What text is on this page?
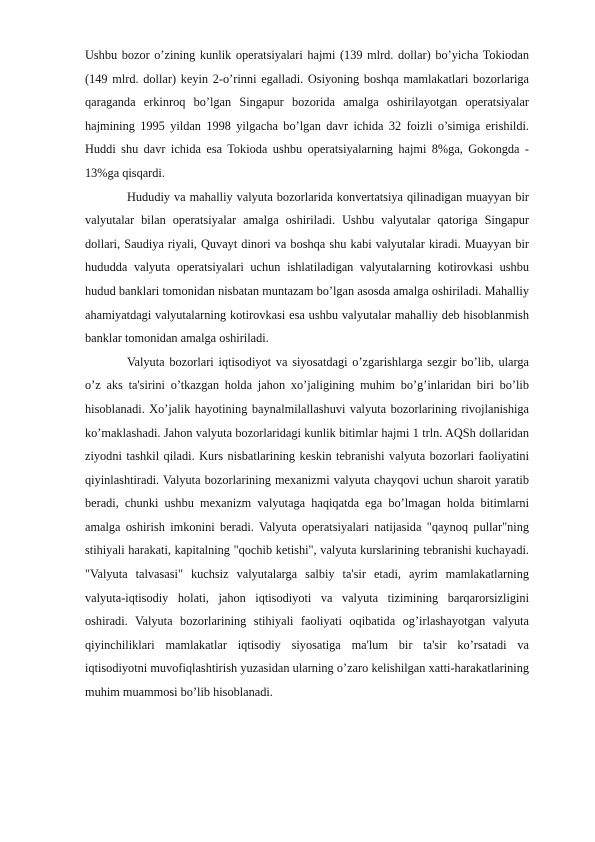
Ushbu bozor o’zining kunlik operatsiyalari hajmi (139 mlrd. dollar) bo’yicha Tokiodan (149 mlrd. dollar) keyin 2-o’rinni egalladi. Osiyoning boshqa mamlakatlari bozorlariga qaraganda erkinroq bo’lgan Singapur bozorida amalga oshirilayotgan operatsiyalar hajmining 1995 yildan 1998 yilgacha bo’lgan davr ichida 32 foizli o’simiga erishildi. Huddi shu davr ichida esa Tokioda ushbu operatsiyalarning hajmi 8%ga, Gokongda - 13%ga qisqardi.

Hududiy va mahalliy valyuta bozorlarida konvertatsiya qilinadigan muayyan bir valyutalar bilan operatsiyalar amalga oshiriladi. Ushbu valyutalar qatoriga Singapur dollari, Saudiya riyali, Quvayt dinori va boshqa shu kabi valyutalar kiradi. Muayyan bir hududda valyuta operatsiyalari uchun ishlatiladigan valyutalarning kotirovkasi ushbu hudud banklari tomonidan nisbatan muntazam bo’lgan asosda amalga oshiriladi. Mahalliy ahamiyatdagi valyutalarning kotirovkasi esa ushbu valyutalar mahalliy deb hisoblanmish banklar tomonidan amalga oshiriladi.

Valyuta bozorlari iqtisodiyot va siyosatdagi o’zgarishlarga sezgir bo’lib, ularga o’z aks ta'sirini o’tkazgan holda jahon xo’jaligining muhim bo’g’inlaridan biri bo’lib hisoblanadi. Xo’jalik hayotining baynalmilallashuvi valyuta bozorlarining rivojlanishiga ko’maklashadi. Jahon valyuta bozorlaridagi kunlik bitimlar hajmi 1 trln. AQSh dollaridan ziyodni tashkil qiladi. Kurs nisbatlarining keskin tebranishi valyuta bozorlari faoliyatini qiyinlashtiradi. Valyuta bozorlarining mexanizmi valyuta chayqovi uchun sharoit yaratib beradi, chunki ushbu mexanizm valyutaga haqiqatda ega bo’lmagan holda bitimlarni amalga oshirish imkonini beradi. Valyuta operatsiyalari natijasida "qaynoq pullar"ning stihiyali harakati, kapitalning "qochib ketishi", valyuta kurslarining tebranishi kuchayadi. "Valyuta talvasasi" kuchsiz valyutalarga salbiy ta'sir etadi, ayrim mamlakatlarning valyuta-iqtisodiy holati, jahon iqtisodiyoti va valyuta tizimining barqarorsizligini oshiradi. Valyuta bozorlarining stihiyali faoliyati oqibatida og’irlashayotgan valyuta qiyinchiliklari mamlakatlar iqtisodiy siyosatiga ma'lum bir ta'sir ko’rsatadi va iqtisodiyotni muvofiqlashtirish yuzasidan ularning o’zaro kelishilgan xatti-harakatlarining muhim muammosi bo’lib hisoblanadi.
